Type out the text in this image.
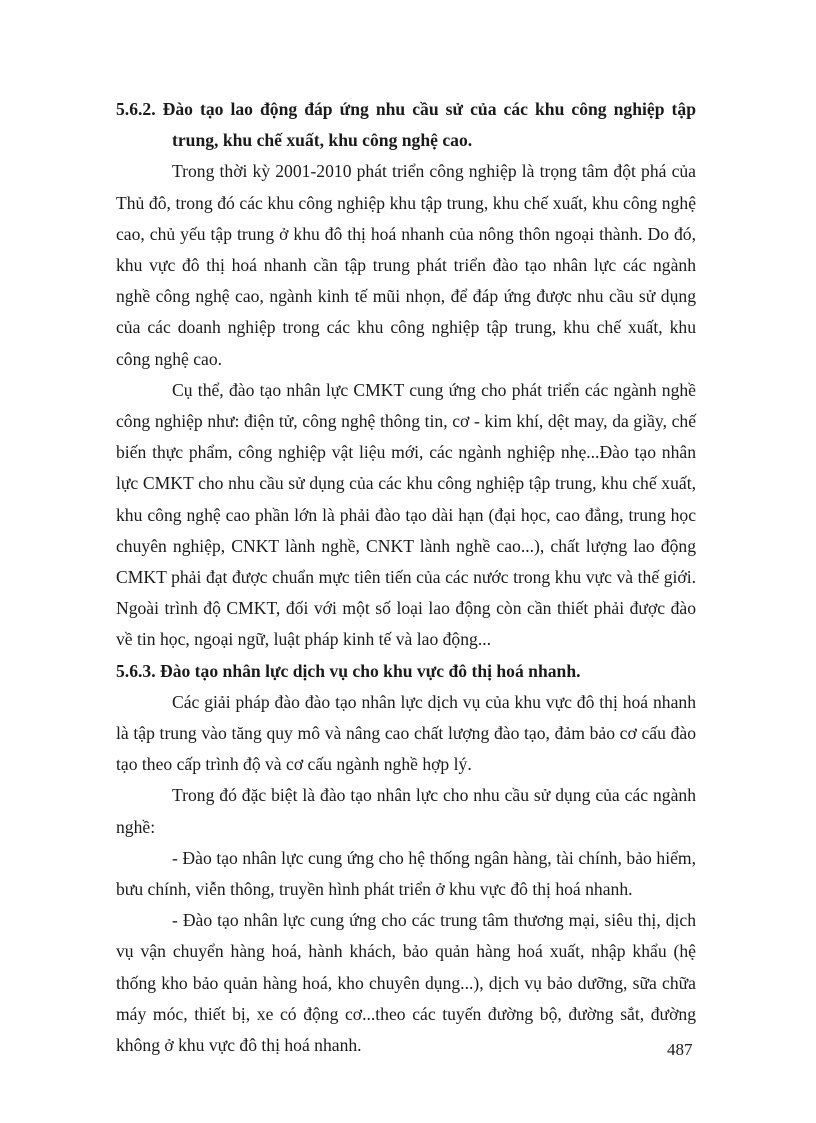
5.6.2. Đào tạo lao động đáp ứng nhu cầu sử của các khu công nghiệp tập trung, khu chế xuất, khu công nghệ cao.

Trong thời kỳ 2001-2010 phát triển công nghiệp là trọng tâm đột phá của Thủ đô, trong đó các khu công nghiệp khu tập trung, khu chế xuất, khu công nghệ cao, chủ yếu tập trung ở khu đô thị hoá nhanh của nông thôn ngoại thành. Do đó, khu vực đô thị hoá nhanh cần tập trung phát triển đào tạo nhân lực các ngành nghề công nghệ cao, ngành kinh tế mũi nhọn, để đáp ứng được nhu cầu sử dụng của các doanh nghiệp trong các khu công nghiệp tập trung, khu chế xuất, khu công nghệ cao.

Cụ thể, đào tạo nhân lực CMKT cung ứng cho phát triển các ngành nghề công nghiệp như: điện tử, công nghệ thông tin, cơ - kim khí, dệt may, da giầy, chế biến thực phẩm, công nghiệp vật liệu mới, các ngành nghiệp nhẹ...Đào tạo nhân lực CMKT cho nhu cầu sử dụng của các khu công nghiệp tập trung, khu chế xuất, khu công nghệ cao phần lớn là phải đào tạo dài hạn (đại học, cao đẳng, trung học chuyên nghiệp, CNKT lành nghề, CNKT lành nghề cao...), chất lượng lao động CMKT phải đạt được chuẩn mực tiên tiến của các nước trong khu vực và thế giới. Ngoài trình độ CMKT, đối với một số loại lao động còn cần thiết phải được đào về tin học, ngoại ngữ, luật pháp kinh tế và lao động...

5.6.3. Đào tạo nhân lực dịch vụ cho khu vực đô thị hoá nhanh.

Các giải pháp đào đào tạo nhân lực dịch vụ của khu vực đô thị hoá nhanh là tập trung vào tăng quy mô và nâng cao chất lượng đào tạo, đảm bảo cơ cấu đào tạo theo cấp trình độ và cơ cấu ngành nghề hợp lý.

Trong đó đặc biệt là đào tạo nhân lực cho nhu cầu sử dụng của các ngành nghề:

- Đào tạo nhân lực cung ứng cho hệ thống ngân hàng, tài chính, bảo hiểm, bưu chính, viễn thông, truyền hình phát triển ở khu vực đô thị hoá nhanh.

- Đào tạo nhân lực cung ứng cho các trung tâm thương mại, siêu thị, dịch vụ vận chuyển hàng hoá, hành khách, bảo quản hàng hoá xuất, nhập khẩu (hệ thống kho bảo quản hàng hoá, kho chuyên dụng...), dịch vụ bảo dưỡng, sữa chữa máy móc, thiết bị, xe có động cơ...theo các tuyến đường bộ, đường sắt, đường không ở khu vực đô thị hoá nhanh.	487
